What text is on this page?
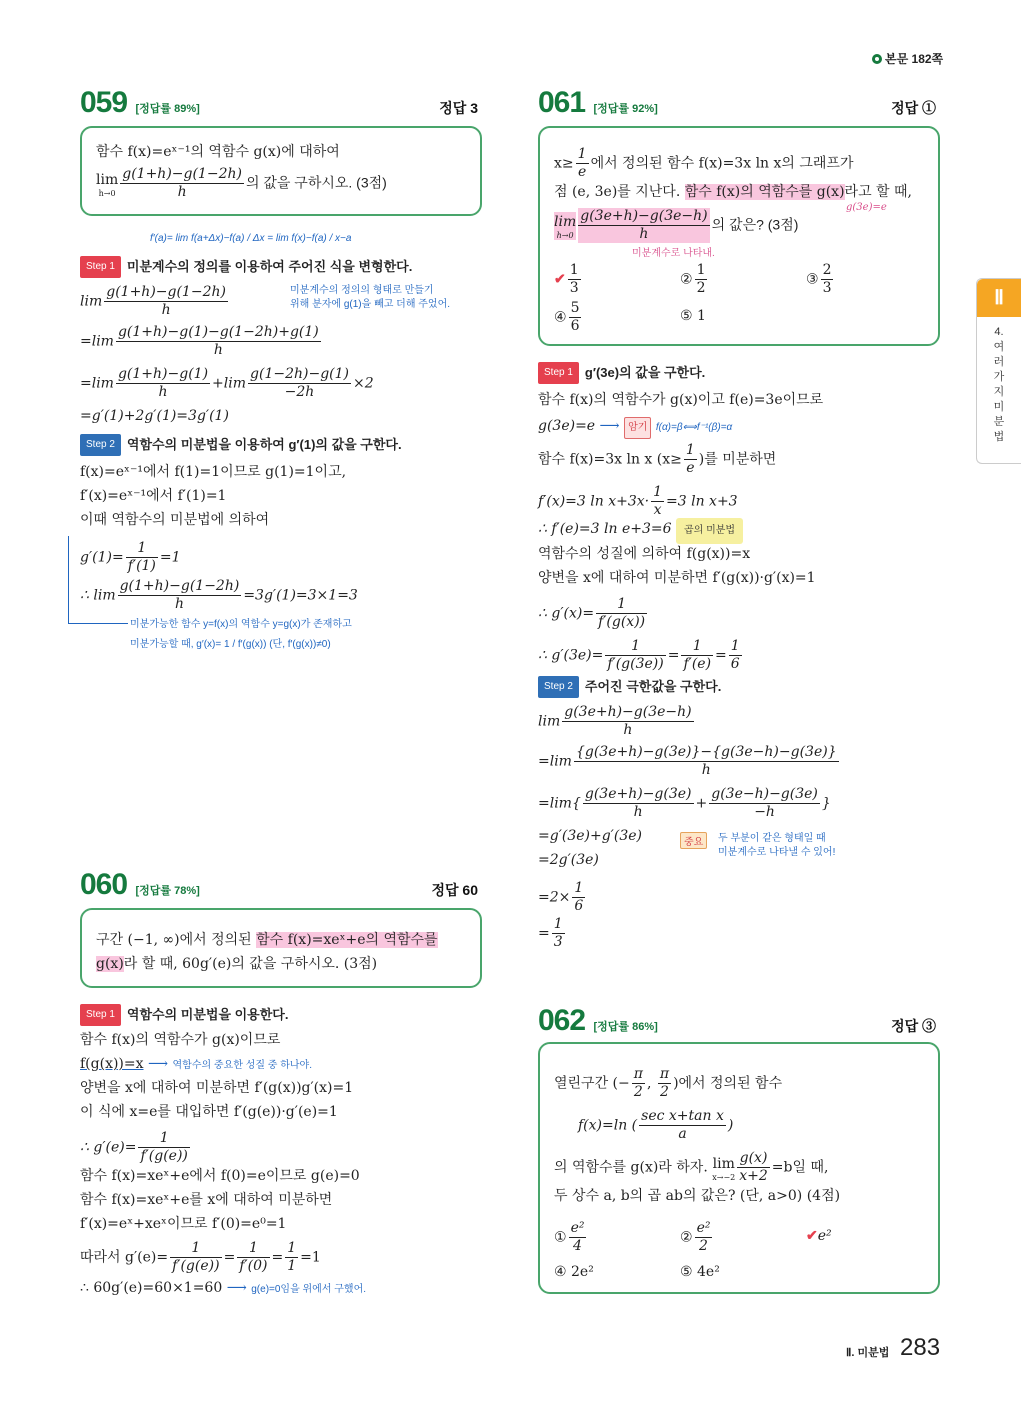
본문 182쪽
Ⅱ
4.
여
러
가
지
미
분
법
059 [정답률 89%]	정답 3
함수 f(x)=eˣ⁻¹의 역함수 g(x)에 대하여
lim
$h\to 0 \frac{g(1+h)-g(1-2h)}{h}$ 의 값을 구하시오. (3점)
f′(a)= lim f(a+Δx)−f(a) / Δx = lim f(x)−f(a) / x−a
Step 1 미분계수의 정의를 이용하여 주어진 식을 변형한다.
$\lim \frac{g(1+h)-g(1-2h)}{h}$	미분계수의 정의의 형태로 만들기
위해 분자에 g(1)을 빼고 더해 주었어.
$=\lim \frac{g(1+h)-g(1)-g(1-2h)+g(1)}{h}$
$=\lim \frac{g(1+h)-g(1)}{h} +\lim \frac{g(1-2h)-g(1)}{-2h} \times 2$
=g′(1)+2g′(1)=3g′(1)
Step 2 역함수의 미분법을 이용하여 g′(1)의 값을 구한다.
f(x)=eˣ⁻¹에서 f(1)=1이므로 g(1)=1이고,
f′(x)=eˣ⁻¹에서 f′(1)=1
이때 역함수의 미분법에 의하여
$g'(1)= \frac{1}{f'(1)} =1$
∴ $\lim \frac{g(1+h)-g(1-2h)}{h} =3g'(1)=3\times 1=3$
미분가능한 함수 y=f(x)의 역함수 y=g(x)가 존재하고
미분가능할 때, g′(x)= 1 / f′(g(x)) (단, f′(g(x))≠0)
060 [정답률 78%]	정답 60
구간 (−1, ∞)에서 정의된 함수 f(x)=xeˣ+e의 역함수를
g(x)라 할 때, 60g′(e)의 값을 구하시오. (3점)
Step 1 역함수의 미분법을 이용한다.
함수 f(x)의 역함수가 g(x)이므로
f(g(x))=x ⟶ 역함수의 중요한 성질 중 하나야.
양변을 x에 대하여 미분하면 f′(g(x))g′(x)=1
이 식에 x=e를 대입하면 f′(g(e))·g′(e)=1
∴ $g'(e)= \frac{1}{f'(g(e))}$
함수 f(x)=xeˣ+e에서 f(0)=e이므로 g(e)=0
함수 f(x)=xeˣ+e를 x에 대하여 미분하면
f′(x)=eˣ+xeˣ이므로 f′(0)=e⁰=1
따라서 $g'(e)= \frac{1}{f'(g(e))} = \frac{1}{f'(0)} = \frac{1}{1} =1$
∴ 60g′(e)=60×1=60 ⟶ g(e)=0임을 위에서 구했어.
061 [정답률 92%]	정답 ①
$x\ge \frac{1}{e}$ 에서 정의된 함수 f(x)=3x ln x의 그래프가
점 (e, 3e)를 지난다. 함수 f(x)의 역함수를 g(x)라고 할 때,
g(3e)=e
lim
$h\to 0 \frac{g(3e+h)-g(3e-h)}{h}$ 의 값은? (3점)
미분계수로 나타내.
✔ $\frac{1}{3}$	② $\frac{1}{2}$	③ $\frac{2}{3}$
④ $\frac{5}{6}$	⑤ 1
Step 1 g′(3e)의 값을 구한다.
함수 f(x)의 역함수가 g(x)이고 f(e)=3e이므로
g(3e)=e ⟶ 암기 f(α)=β⟺f⁻¹(β)=α
함수 f(x)=3x ln x ($x\ge \frac{1}{e}$ )를 미분하면
f′(x)=3 $\ln x+3x\cdot \frac{1}{x} =3$ ln x+3
∴ f′(e)=3 ln e+3=6 곱의 미분법
역함수의 성질에 의하여 f(g(x))=x
양변을 x에 대하여 미분하면 f′(g(x))·g′(x)=1
∴ $g'(x)= \frac{1}{f'(g(x))}$
∴ $g'(3e)= \frac{1}{f'(g(3e))} = \frac{1}{f'(e)} = \frac{1}{6}$
Step 2 주어진 극한값을 구한다.
$\lim \frac{g(3e+h)-g(3e-h)}{h}$
$=\lim \frac{\{g(3e+h)-g(3e)\}-\{g(3e-h)-g(3e)\}}{h}$
$=\lim\{ \frac{g(3e+h)-g(3e)}{h} + \frac{g(3e-h)-g(3e)}{-h}$ }
=g′(3e)+g′(3e)	중요 두 부분이 같은 형태일 때
미분계수로 나타낼 수 있어!
=2g′(3e)
$=2\times \frac{1}{6}$
= $\frac{1}{3}$
062 [정답률 86%]	정답 ③
열린구간 (− $\frac{\pi}{2}$ , $\frac{\pi}{2}$ )에서 정의된 함수
f(x)=ln ( $\frac{\text{sec x+tan x}}{a}$ )
의 역함수를 g(x)라 하자. lim
$x\to-2 \frac{g(x)}{x+2} =b$일 때,
두 상수 a, b의 곱 ab의 값은? (단, a>0) (4점)
① $\frac{\text{e²}}{4}$	② $\frac{\text{e²}}{2}$	✔e²
④ 2e²	⑤ 4e²
Ⅱ. 미분법 283
